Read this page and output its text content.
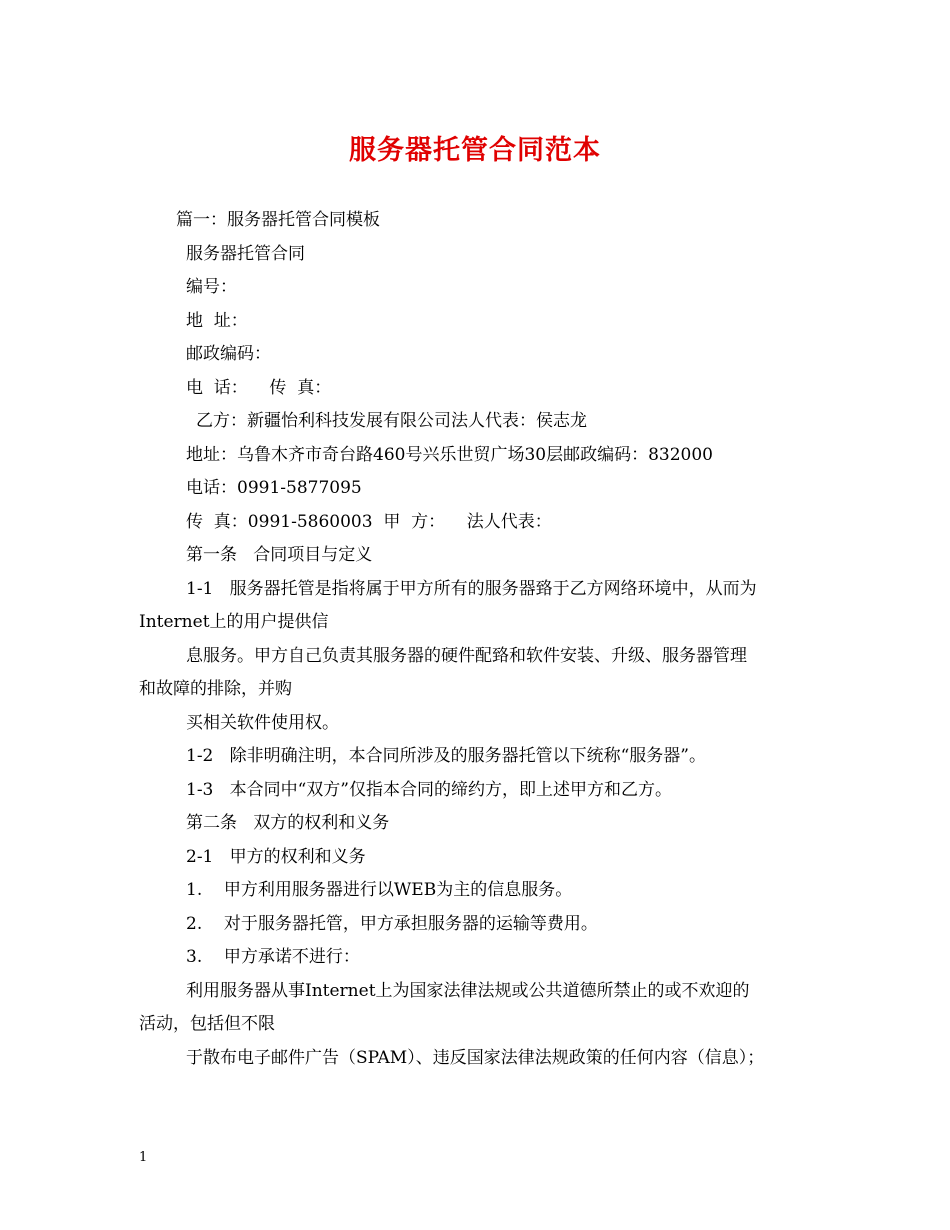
服务器托管合同范本
篇一：服务器托管合同模板
服务器托管合同
编号：
地  址：
邮政编码：
电  话：    传  真：
乙方：新疆怡利科技发展有限公司法人代表：侯志龙
地址：乌鲁木齐市奇台路460号兴乐世贸广场30层邮政编码：832000
电话：0991-5877095
传  真：0991-5860003  甲  方：    法人代表：
第一条   合同项目与定义
1-1   服务器托管是指将属于甲方所有的服务器臵于乙方网络环境中，从而为
Internet上的用户提供信
息服务。甲方自己负责其服务器的硬件配臵和软件安装、升级、服务器管理
和故障的排除，并购
买相关软件使用权。
1-2   除非明确注明，本合同所涉及的服务器托管以下统称“服务器”。
1-3   本合同中“双方”仅指本合同的缔约方，即上述甲方和乙方。
第二条   双方的权利和义务
2-1   甲方的权利和义务
1.    甲方利用服务器进行以WEB为主的信息服务。
2.    对于服务器托管，甲方承担服务器的运输等费用。
3.    甲方承诺不进行：
利用服务器从事Internet上为国家法律法规或公共道德所禁止的或不欢迎的
活动，包括但不限
于散布电子邮件广告（SPAM）、违反国家法律法规政策的任何内容（信息）；
1
